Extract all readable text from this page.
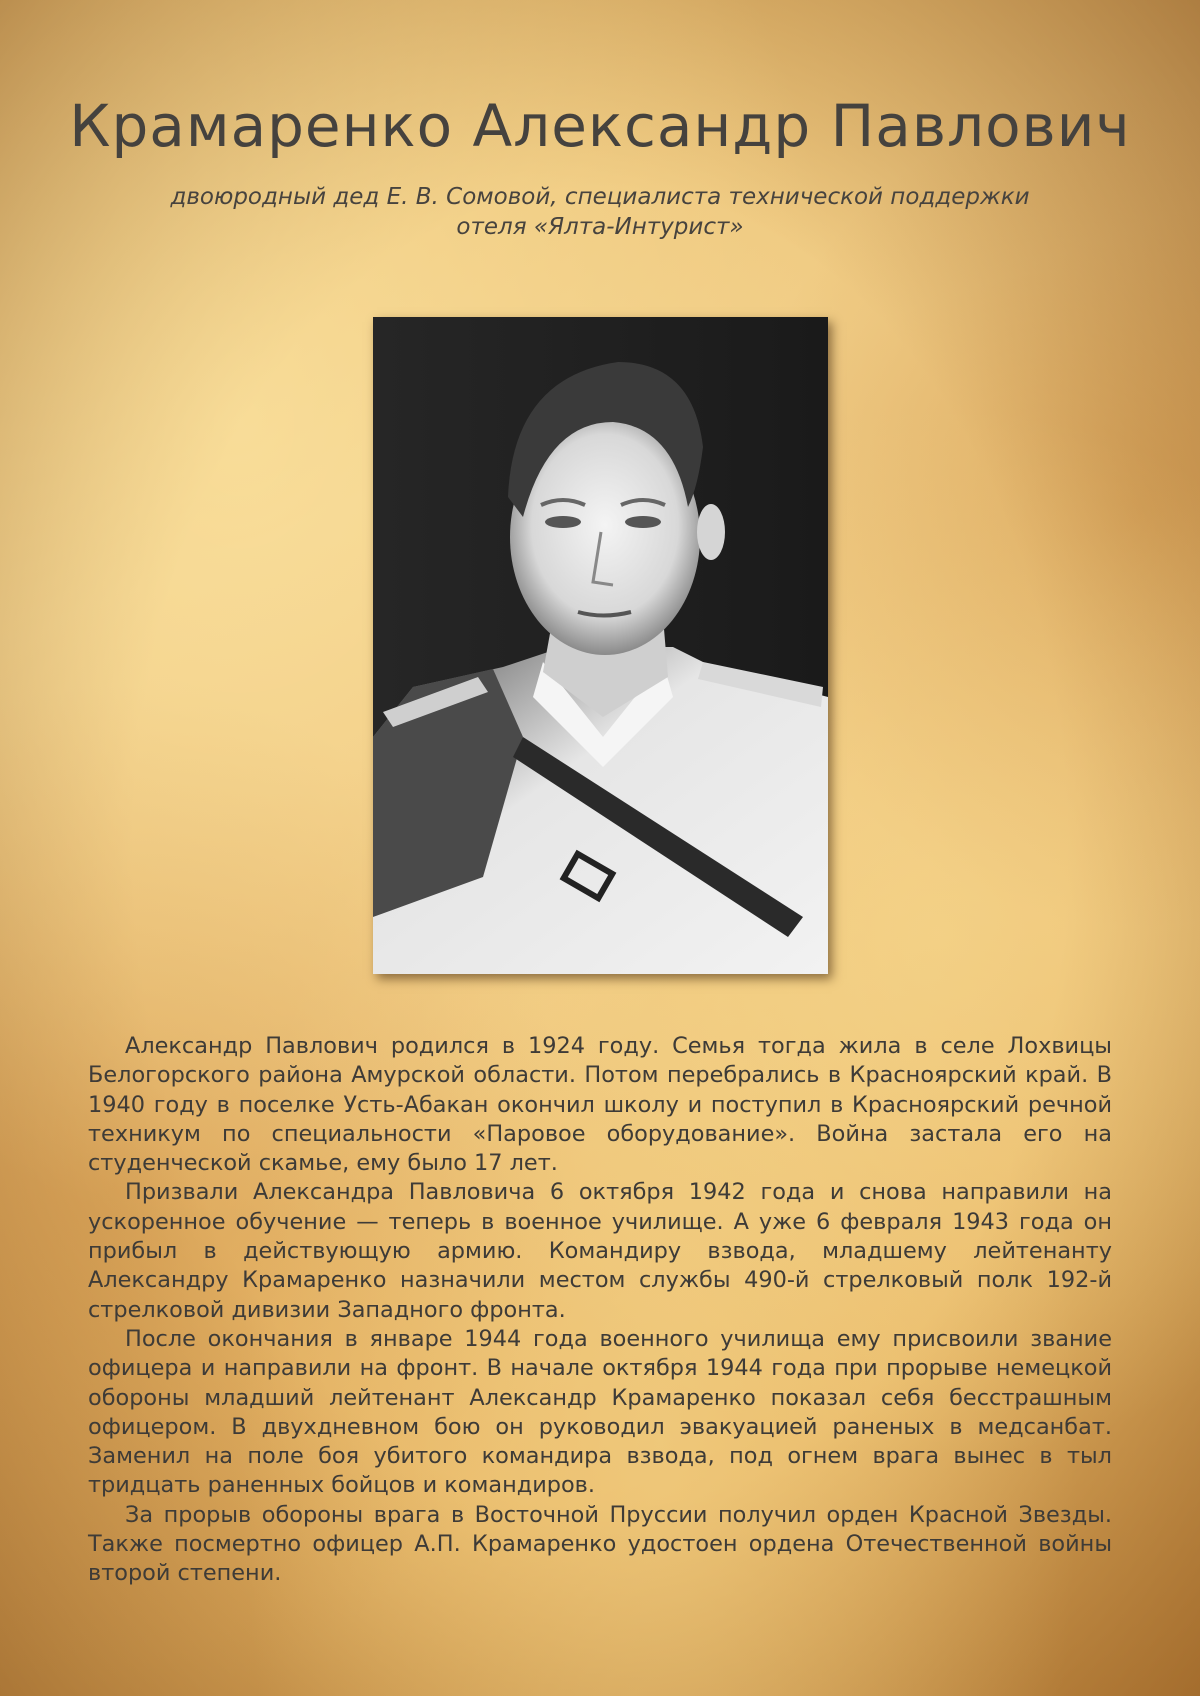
Крамаренко Александр Павлович
двоюродный дед Е. В. Сомовой, специалиста технической поддержки
отеля «Ялта-Интурист»

Александр Павлович родился в 1924 году. Семья тогда жила в селе Лохвицы Белогорского района Амурской области. Потом перебрались в Красноярский край. В 1940 году в поселке Усть-Абакан окончил школу и поступил в Красноярский речной техникум по специальности «Паровое оборудование». Война застала его на студенческой скамье, ему было 17 лет.

Призвали Александра Павловича 6 октября 1942 года и снова направили на ускоренное обучение — теперь в военное училище. А уже 6 февраля 1943 года он прибыл в действующую армию. Командиру взвода, младшему лейтенанту Александру Крамаренко назначили местом службы 490-й стрелковый полк 192-й стрелковой дивизии Западного фронта.

После окончания в январе 1944 года военного училища ему присвоили звание офицера и направили на фронт. В начале октября 1944 года при прорыве немецкой обороны младший лейтенант Александр Крамаренко показал себя бесстрашным офицером. В двухдневном бою он руководил эвакуацией раненых в медсанбат. Заменил на поле боя убитого командира взвода, под огнем врага вынес в тыл тридцать раненных бойцов и командиров.

За прорыв обороны врага в Восточной Пруссии получил орден Красной Звезды. Также посмертно офицер А.П. Крамаренко удостоен ордена Отечественной войны второй степени.
